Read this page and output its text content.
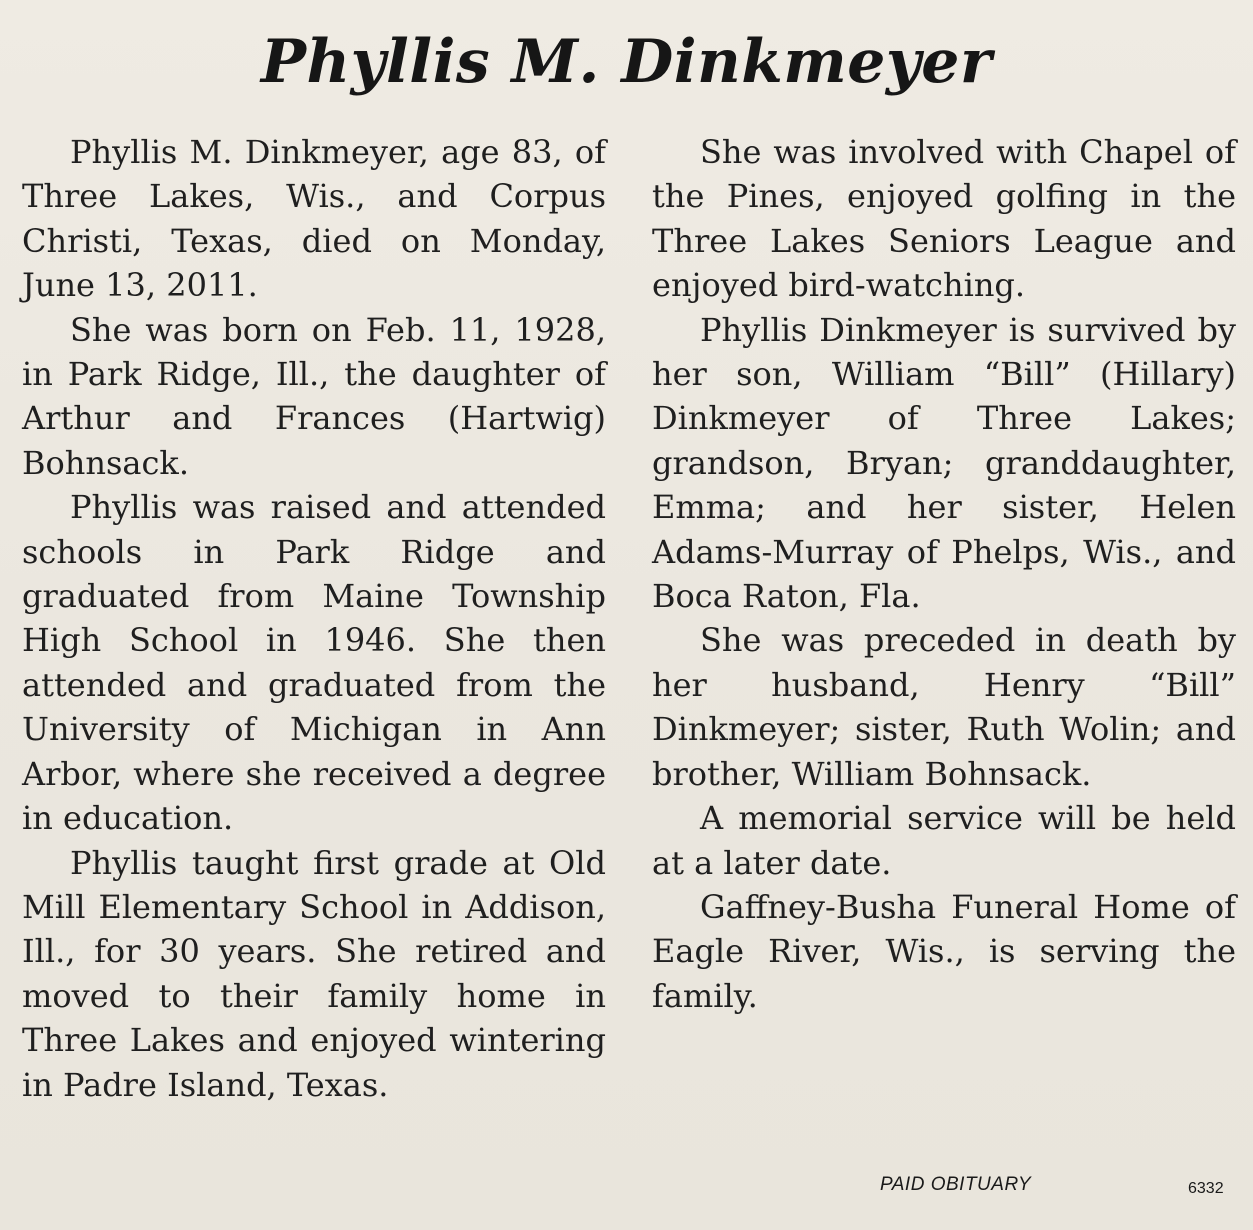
Phyllis M. Dinkmeyer

Phyllis M. Dinkmeyer, age 83, of Three Lakes, Wis., and Corpus Christi, Texas, died on Monday, June 13, 2011.

She was born on Feb. 11, 1928, in Park Ridge, Ill., the daughter of Arthur and Frances (Hartwig) Bohnsack.

Phyllis was raised and attended schools in Park Ridge and graduated from Maine Township High School in 1946. She then attended and graduated from the University of Michigan in Ann Arbor, where she received a degree in education.

Phyllis taught first grade at Old Mill Elementary School in Addison, Ill., for 30 years. She retired and moved to their family home in Three Lakes and enjoyed wintering in Padre Island, Texas.

She was involved with Chapel of the Pines, enjoyed golfing in the Three Lakes Seniors League and enjoyed bird-watching.

Phyllis Dinkmeyer is survived by her son, William “Bill” (Hillary) Dinkmeyer of Three Lakes; grandson, Bryan; granddaughter, Emma; and her sister, Helen Adams-Murray of Phelps, Wis., and Boca Raton, Fla.

She was preceded in death by her husband, Henry “Bill” Dinkmeyer; sister, Ruth Wolin; and brother, William Bohnsack.

A memorial service will be held at a later date.

Gaffney-Busha Funeral Home of Eagle River, Wis., is serving the family.

PAID OBITUARY	6332
